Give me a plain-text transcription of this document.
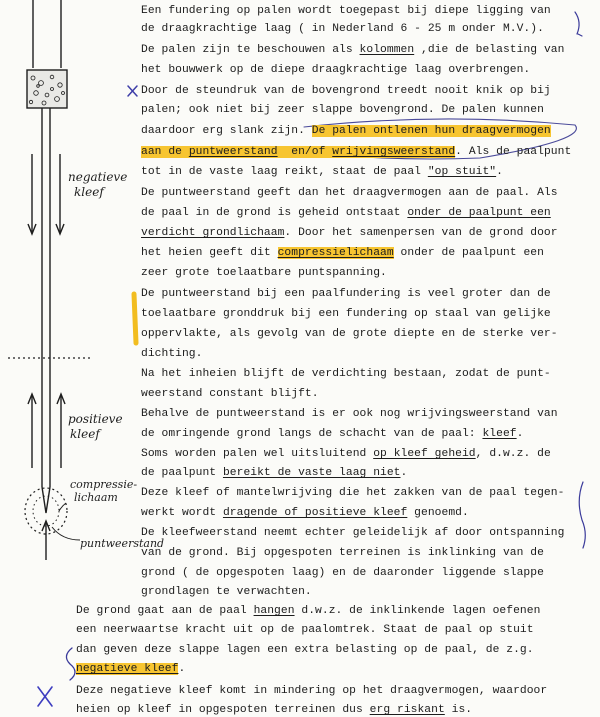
negatieve
kleef
positieve
kleef
compressie-
lichaam
puntweerstand
Een fundering op palen wordt toegepast bij diepe ligging van
de draagkrachtige laag ( in Nederland 6 - 25 m onder M.V.).
De palen zijn te beschouwen als kolommen ,die de belasting van
het bouwwerk op de diepe draagkrachtige laag overbrengen.
Door de steundruk van de bovengrond treedt nooit knik op bij
palen; ook niet bij zeer slappe bovengrond. De palen kunnen
daardoor erg slank zijn. De palen ontlenen hun draagvermogen
aan de puntweerstand  en/of wrijvingsweerstand. Als de paalpunt
tot in de vaste laag reikt, staat de paal "op stuit".
De puntweerstand geeft dan het draagvermogen aan de paal. Als
de paal in de grond is geheid ontstaat onder de paalpunt een
verdicht grondlichaam. Door het samenpersen van de grond door
het heien geeft dit compressielichaam onder de paalpunt een
zeer grote toelaatbare puntspanning.
De puntweerstand bij een paalfundering is veel groter dan de
toelaatbare gronddruk bij een fundering op staal van gelijke
oppervlakte, als gevolg van de grote diepte en de sterke ver-
dichting.
Na het inheien blijft de verdichting bestaan, zodat de punt-
weerstand constant blijft.
Behalve de puntweerstand is er ook nog wrijvingsweerstand van
de omringende grond langs de schacht van de paal: kleef.
Soms worden palen wel uitsluitend op kleef geheid, d.w.z. de
de paalpunt bereikt de vaste laag niet.
Deze kleef of mantelwrijving die het zakken van de paal tegen-
werkt wordt dragende of positieve kleef genoemd.
De kleefweerstand neemt echter geleidelijk af door ontspanning
van de grond. Bij opgespoten terreinen is inklinking van de
grond ( de opgespoten laag) en de daaronder liggende slappe
grondlagen te verwachten.
De grond gaat aan de paal hangen d.w.z. de inklinkende lagen oefenen
een neerwaartse kracht uit op de paalomtrek. Staat de paal op stuit
dan geven deze slappe lagen een extra belasting op de paal, de z.g.
negatieve kleef.
Deze negatieve kleef komt in mindering op het draagvermogen, waardoor
heien op kleef in opgespoten terreinen dus erg riskant is.
